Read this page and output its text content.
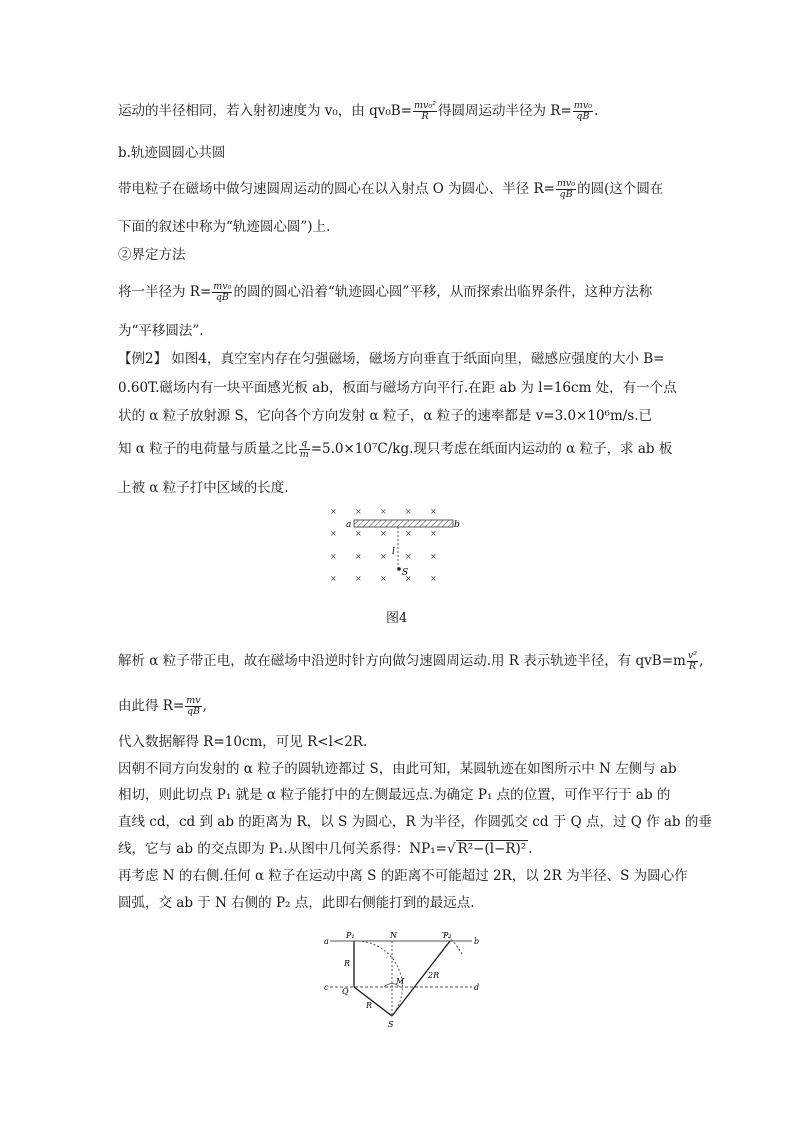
运动的半径相同，若入射初速度为 v₀，由 $qv_0B= \frac{\text{mv₀²}}{R}$ 得圆周运动半径为 $R= \frac{\text{mv₀}}{qB}$ .
b.轨迹圆圆心共圆
带电粒子在磁场中做匀速圆周运动的圆心在以入射点 O 为圆心、半径 $R= \frac{\text{mv₀}}{qB}$ 的圆(这个圆在
下面的叙述中称为“轨迹圆心圆”)上.
②界定方法
将一半径为 $R= \frac{\text{mv₀}}{qB}$ 的圆的圆心沿着“轨迹圆心圆”平移，从而探索出临界条件，这种方法称
为“平移圆法”.
【例2】 如图4，真空室内存在匀强磁场，磁场方向垂直于纸面向里，磁感应强度的大小 B=
0.60T.磁场内有一块平面感光板 ab，板面与磁场方向平行.在距 ab 为 l=16cm 处，有一个点
状的 α 粒子放射源 S，它向各个方向发射 α 粒子，α 粒子的速率都是 v=3.0×10⁶m/s.已
知 α 粒子的电荷量与质量之比 $\frac{q}{m} =5.0\times 10^7C/kg$.现只考虑在纸面内运动的 α 粒子，求 ab 板
上被 α 粒子打中区域的长度.
× × × × ×
× × × × ×
× × × × ×
× × × × ×
a	b
l
S
图4
解析 α 粒子带正电，故在磁场中沿逆时针方向做匀速圆周运动.用 R 表示轨迹半径，有 $qvB=m \frac{\text{v²}}{R}$ ,
由此得 $R= \frac{mv}{qB}$ ,
代入数据解得 R=10cm，可见 R<l<2R.
因朝不同方向发射的 α 粒子的圆轨迹都过 S，由此可知，某圆轨迹在如图所示中 N 左侧与 ab
相切，则此切点 P₁ 就是 α 粒子能打中的左侧最远点.为确定 P₁ 点的位置，可作平行于 ab 的
直线 cd，cd 到 ab 的距离为 R，以 S 为圆心，R 为半径，作圆弧交 cd 于 Q 点，过 Q 作 ab 的垂
线，它与 ab 的交点即为 P₁.从图中几何关系得：NP₁=√ R²−(l−R)² .
再考虑 N 的右侧.任何 α 粒子在运动中离 S 的距离不可能超过 2R，以 2R 为半径、S 为圆心作
圆弧，交 ab 于 N 右侧的 P₂ 点，此即右侧能打到的最远点.
a	b
c	d
P₁	N	P₂
R
Q
M
S
R
2R
